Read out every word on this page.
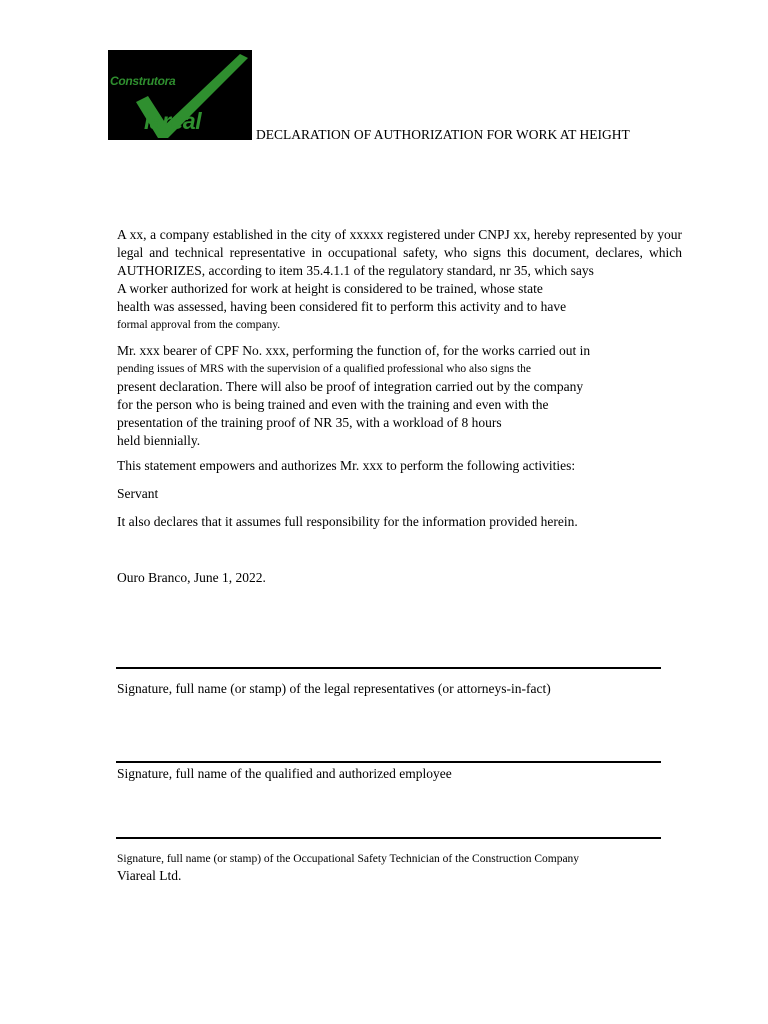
Construtora
iareal
DECLARATION OF AUTHORIZATION FOR WORK AT HEIGHT
A xx, a company established in the city of xxxxx registered under CNPJ xx, hereby represented by your legal and technical representative in occupational safety, who signs this document, declares, which AUTHORIZES, according to item 35.4.1.1 of the regulatory standard, nr 35, which says
A worker authorized for work at height is considered to be trained, whose state
health was assessed, having been considered fit to perform this activity and to have
formal approval from the company.
Mr. xxx bearer of CPF No. xxx, performing the function of, for the works carried out in
pending issues of MRS with the supervision of a qualified professional who also signs the
present declaration. There will also be proof of integration carried out by the company
for the person who is being trained and even with the training and even with the
presentation of the training proof of NR 35, with a workload of 8 hours
held biennially.
This statement empowers and authorizes Mr. xxx to perform the following activities:
Servant
It also declares that it assumes full responsibility for the information provided herein.
Ouro Branco, June 1, 2022.
Signature, full name (or stamp) of the legal representatives (or attorneys-in-fact)
Signature, full name of the qualified and authorized employee
Signature, full name (or stamp) of the Occupational Safety Technician of the Construction Company
Viareal Ltd.
